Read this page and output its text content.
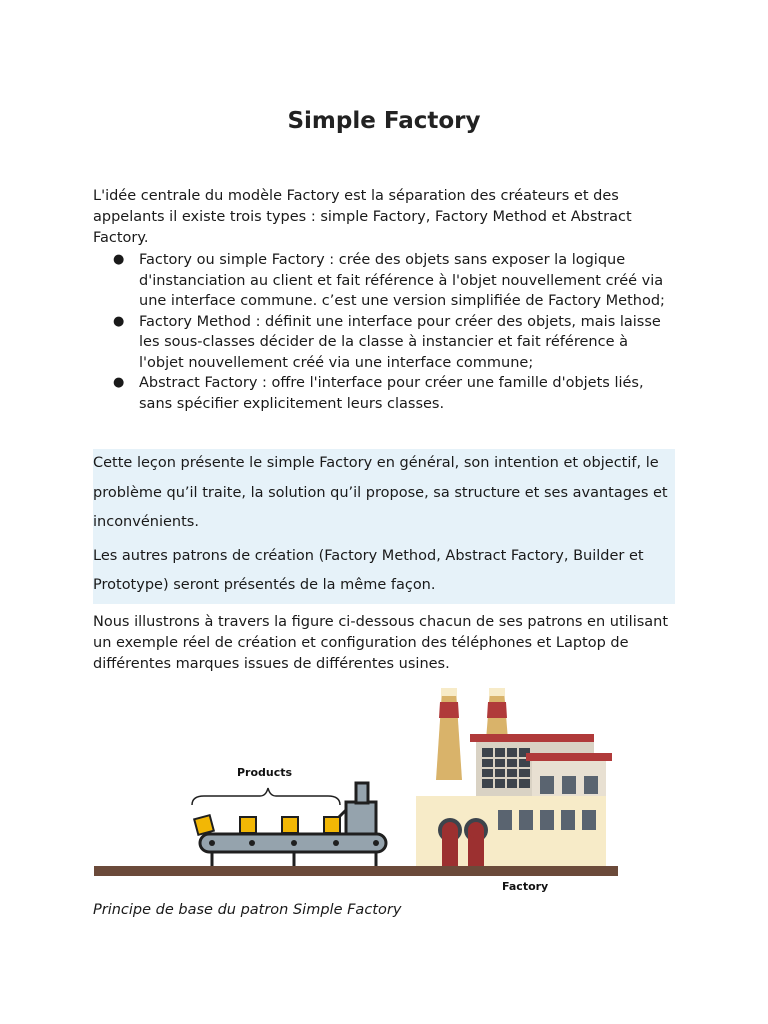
Simple Factory
L'idée centrale du modèle Factory est la séparation des créateurs et des appelants il existe trois types : simple Factory, Factory Method et Abstract Factory.
● Factory ou simple Factory : crée des objets sans exposer la logique d'instanciation au client et fait référence à l'objet nouvellement créé via une interface commune. c’est une version simplifiée de Factory Method;
● Factory Method : définit une interface pour créer des objets, mais laisse les sous-classes décider de la classe à instancier et fait référence à l'objet nouvellement créé via une interface commune;
● Abstract Factory : offre l'interface pour créer une famille d'objets liés, sans spécifier explicitement leurs classes.

Cette leçon présente le simple Factory en général, son intention et objectif, le problème qu’il traite, la solution qu’il propose, sa structure et ses avantages et inconvénients.

Les autres patrons de création (Factory Method, Abstract Factory, Builder et Prototype) seront présentés de la même façon.

Nous illustrons à travers la figure ci-dessous chacun de ses patrons en utilisant un exemple réel de création et configuration des téléphones et Laptop de différentes marques issues de différentes usines.
Products
Factory
Principe de base du patron Simple Factory
